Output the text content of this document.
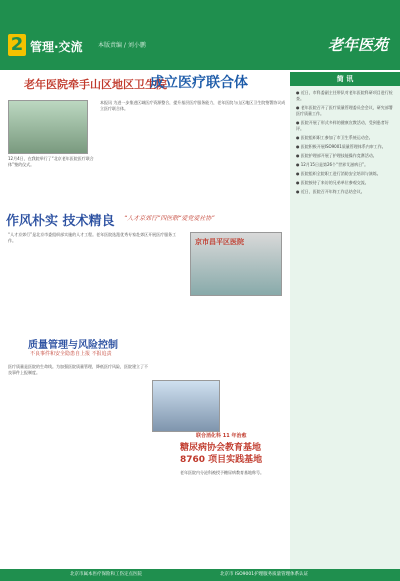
2 管理·交流	本版责编 / 刘小鹏	老年医苑
老年医院牵手山区地区卫生院
成立医疗联合体
12月4日，在我院举行了“北京老年医院医疗联合体”签约仪式。
本报讯 为进一步推进区域医疗资源整合，提升基层医疗服务能力，老年医院与山区地区卫生院签署协议成立医疗联合体。
作风朴实 技术精良 “人才京郊行”四医联“爱党爱社协”
“人才京郊行”是北京市委组织部实施的人才工程。老年医院选派优秀专家赴郊区开展医疗服务工作。	京市昌平区医院
质量管理与风险控制
不良事件和安全隐患自上报 不报追责
医疗质量是医院的生命线。为加强医院质量管理，降低医疗风险，医院建立了不良事件上报制度。
联合消化科 11 年治愈
糖尿病协会教育基地
8760 项目实践基地
老年医院内分泌科被授予糖尿病教育基地称号。
简 讯
● 近日，市科委副主任带队对老年医院科研项目进行检查。
● 老年医院召开了医疗质量管理委员会会议，研究部署医疗质量工作。
● 医院开展了形式多样的健康宣教活动，受到患者好评。
● 医院组织职工参加了市卫生系统运动会。
● 医院积极开展ISO9001质量管理体系内审工作。
● 医院护理部开展了护理技能操作竞赛活动。
● 12月15日是第26个“世界艾滋病日”。
● 医院组织全院职工进行消防安全培训与演练。
● 医院接待了来访的兄弟单位参观交流。
● 近日，医院召开年终工作总结会议。
北京市属本医疗保险和工伤定点医院	北京市 ISO9001护理服务质量管理体系认证
